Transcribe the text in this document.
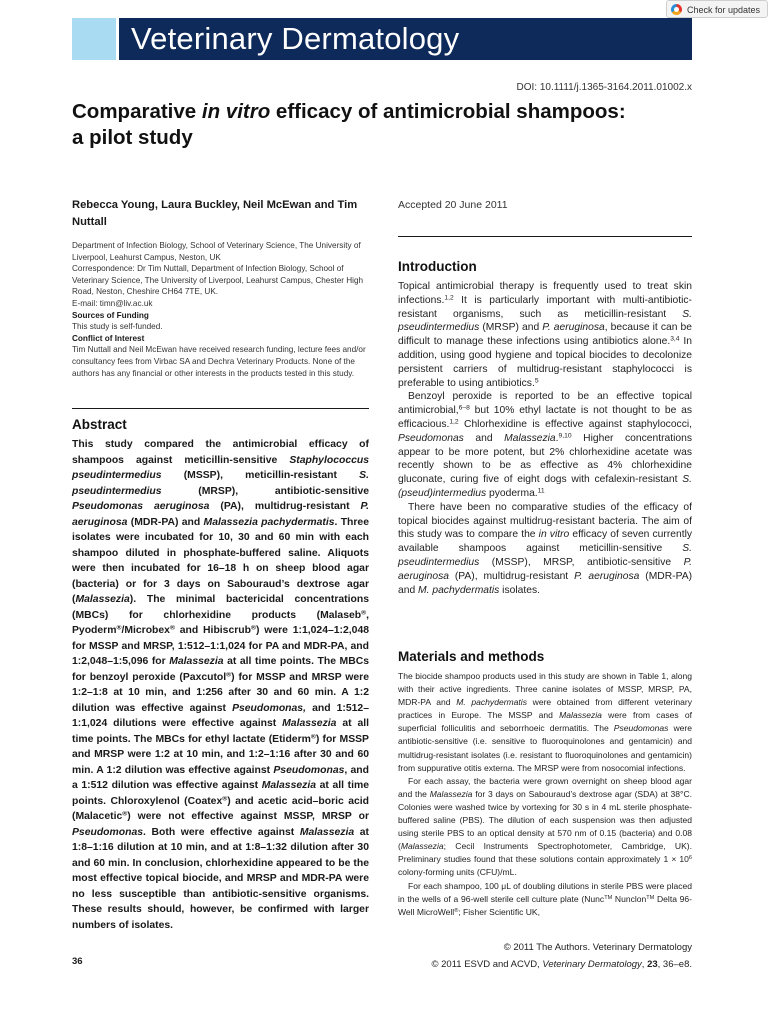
Veterinary Dermatology
Check for updates
DOI: 10.1111/j.1365-3164.2011.01002.x
Comparative in vitro efficacy of antimicrobial shampoos: a pilot study
Rebecca Young, Laura Buckley, Neil McEwan and Tim Nuttall
Accepted 20 June 2011

Department of Infection Biology, School of Veterinary Science, The University of Liverpool, Leahurst Campus, Neston, UK

Correspondence: Dr Tim Nuttall, Department of Infection Biology, School of Veterinary Science, The University of Liverpool, Leahurst Campus, Chester High Road, Neston, Cheshire CH64 7TE, UK.

E-mail: timn@liv.ac.uk

Sources of Funding

This study is self-funded.

Conflict of Interest

Tim Nuttall and Neil McEwan have received research funding, lecture fees and/or consultancy fees from Virbac SA and Dechra Veterinary Products. None of the authors has any financial or other interests in the products tested in this study.

Abstract

This study compared the antimicrobial efficacy of shampoos against meticillin-sensitive Staphylococcus pseudintermedius (MSSP), meticillin-resistant S. pseudintermedius (MRSP), antibiotic-sensitive Pseudomonas aeruginosa (PA), multidrug-resistant P. aeruginosa (MDR-PA) and Malassezia pachydermatis. Three isolates were incubated for 10, 30 and 60 min with each shampoo diluted in phosphate-buffered saline. Aliquots were then incubated for 16–18 h on sheep blood agar (bacteria) or for 3 days on Sabouraud’s dextrose agar (Malassezia). The minimal bactericidal concentrations (MBCs) for chlorhexidine products (Malaseb®, Pyoderm®/Microbex® and Hibiscrub®) were 1:1,024–1:2,048 for MSSP and MRSP, 1:512–1:1,024 for PA and MDR-PA, and 1:2,048–1:5,096 for Malassezia at all time points. The MBCs for benzoyl peroxide (Paxcutol®) for MSSP and MRSP were 1:2–1:8 at 10 min, and 1:256 after 30 and 60 min. A 1:2 dilution was effective against Pseudomonas, and 1:512–1:1,024 dilutions were effective against Malassezia at all time points. The MBCs for ethyl lactate (Etiderm®) for MSSP and MRSP were 1:2 at 10 min, and 1:2–1:16 after 30 and 60 min. A 1:2 dilution was effective against Pseudomonas, and a 1:512 dilution was effective against Malassezia at all time points. Chloroxylenol (Coatex®) and acetic acid–boric acid (Malacetic®) were not effective against MSSP, MRSP or Pseudomonas. Both were effective against Malassezia at 1:8–1:16 dilution at 10 min, and at 1:8–1:32 dilution after 30 and 60 min. In conclusion, chlorhexidine appeared to be the most effective topical biocide, and MRSP and MDR-PA were no less susceptible than antibiotic-sensitive organisms. These results should, however, be confirmed with larger numbers of isolates.

Introduction

Topical antimicrobial therapy is frequently used to treat skin infections.$^{1,2}$ It is particularly important with multi-antibiotic-resistant organisms, such as meticillin-resistant S. pseudintermedius (MRSP) and P. aeruginosa, because it can be difficult to manage these infections using antibiotics alone.$^{3,4}$ In addition, using good hygiene and topical biocides to decolonize persistent carriers of multidrug-resistant staphylococci is preferable to using antibiotics.$^5$

Benzoyl peroxide is reported to be an effective topical antimicrobial,$^{6-8}$ but 10% ethyl lactate is not thought to be as efficacious.$^{1,2}$ Chlorhexidine is effective against staphylococci, Pseudomonas and Malassezia.$^{9,10}$ Higher concentrations appear to be more potent, but 2% chlorhexidine acetate was recently shown to be as effective as 4% chlorhexidine gluconate, curing five of eight dogs with cefalexin-resistant S. (pseud)intermedius pyoderma.$^{11}$

There have been no comparative studies of the efficacy of topical biocides against multidrug-resistant bacteria. The aim of this study was to compare the in vitro efficacy of seven currently available shampoos against meticillin-sensitive S. pseudintermedius (MSSP), MRSP, antibiotic-sensitive P. aeruginosa (PA), multidrug-resistant P. aeruginosa (MDR-PA) and M. pachydermatis isolates.

Materials and methods

The biocide shampoo products used in this study are shown in Table 1, along with their active ingredients. Three canine isolates of MSSP, MRSP, PA, MDR-PA and M. pachydermatis were obtained from different veterinary practices in Europe. The MSSP and Malassezia were from cases of superficial folliculitis and seborrhoeic dermatitis. The Pseudomonas were antibiotic-sensitive (i.e. sensitive to fluoroquinolones and gentamicin) and multidrug-resistant isolates (i.e. resistant to fluoroquinolones and gentamicin) from suppurative otitis externa. The MRSP were from nosocomial infections.

For each assay, the bacteria were grown overnight on sheep blood agar and the Malassezia for 3 days on Sabouraud’s dextrose agar (SDA) at 38°C. Colonies were washed twice by vortexing for 30 s in 4 mL sterile phosphate-buffered saline (PBS). The dilution of each suspension was then adjusted using sterile PBS to an optical density at 570 nm of 0.15 (bacteria) and 0.08 (Malassezia; Cecil Instruments Spectrophotometer, Cambridge, UK). Preliminary studies found that these solutions contain approximately $1 \times 10^6$ colony-forming units (CFU)/mL.

For each shampoo, 100 μL of doubling dilutions in sterile PBS were placed in the wells of a 96-well sterile cell culture plate (Nunc™ Nunclon™ Delta 96-Well MicroWell®; Fisher Scientific UK,

36
© 2011 The Authors. Veterinary Dermatology
© 2011 ESVD and ACVD, Veterinary Dermatology, 23, 36–e8.
